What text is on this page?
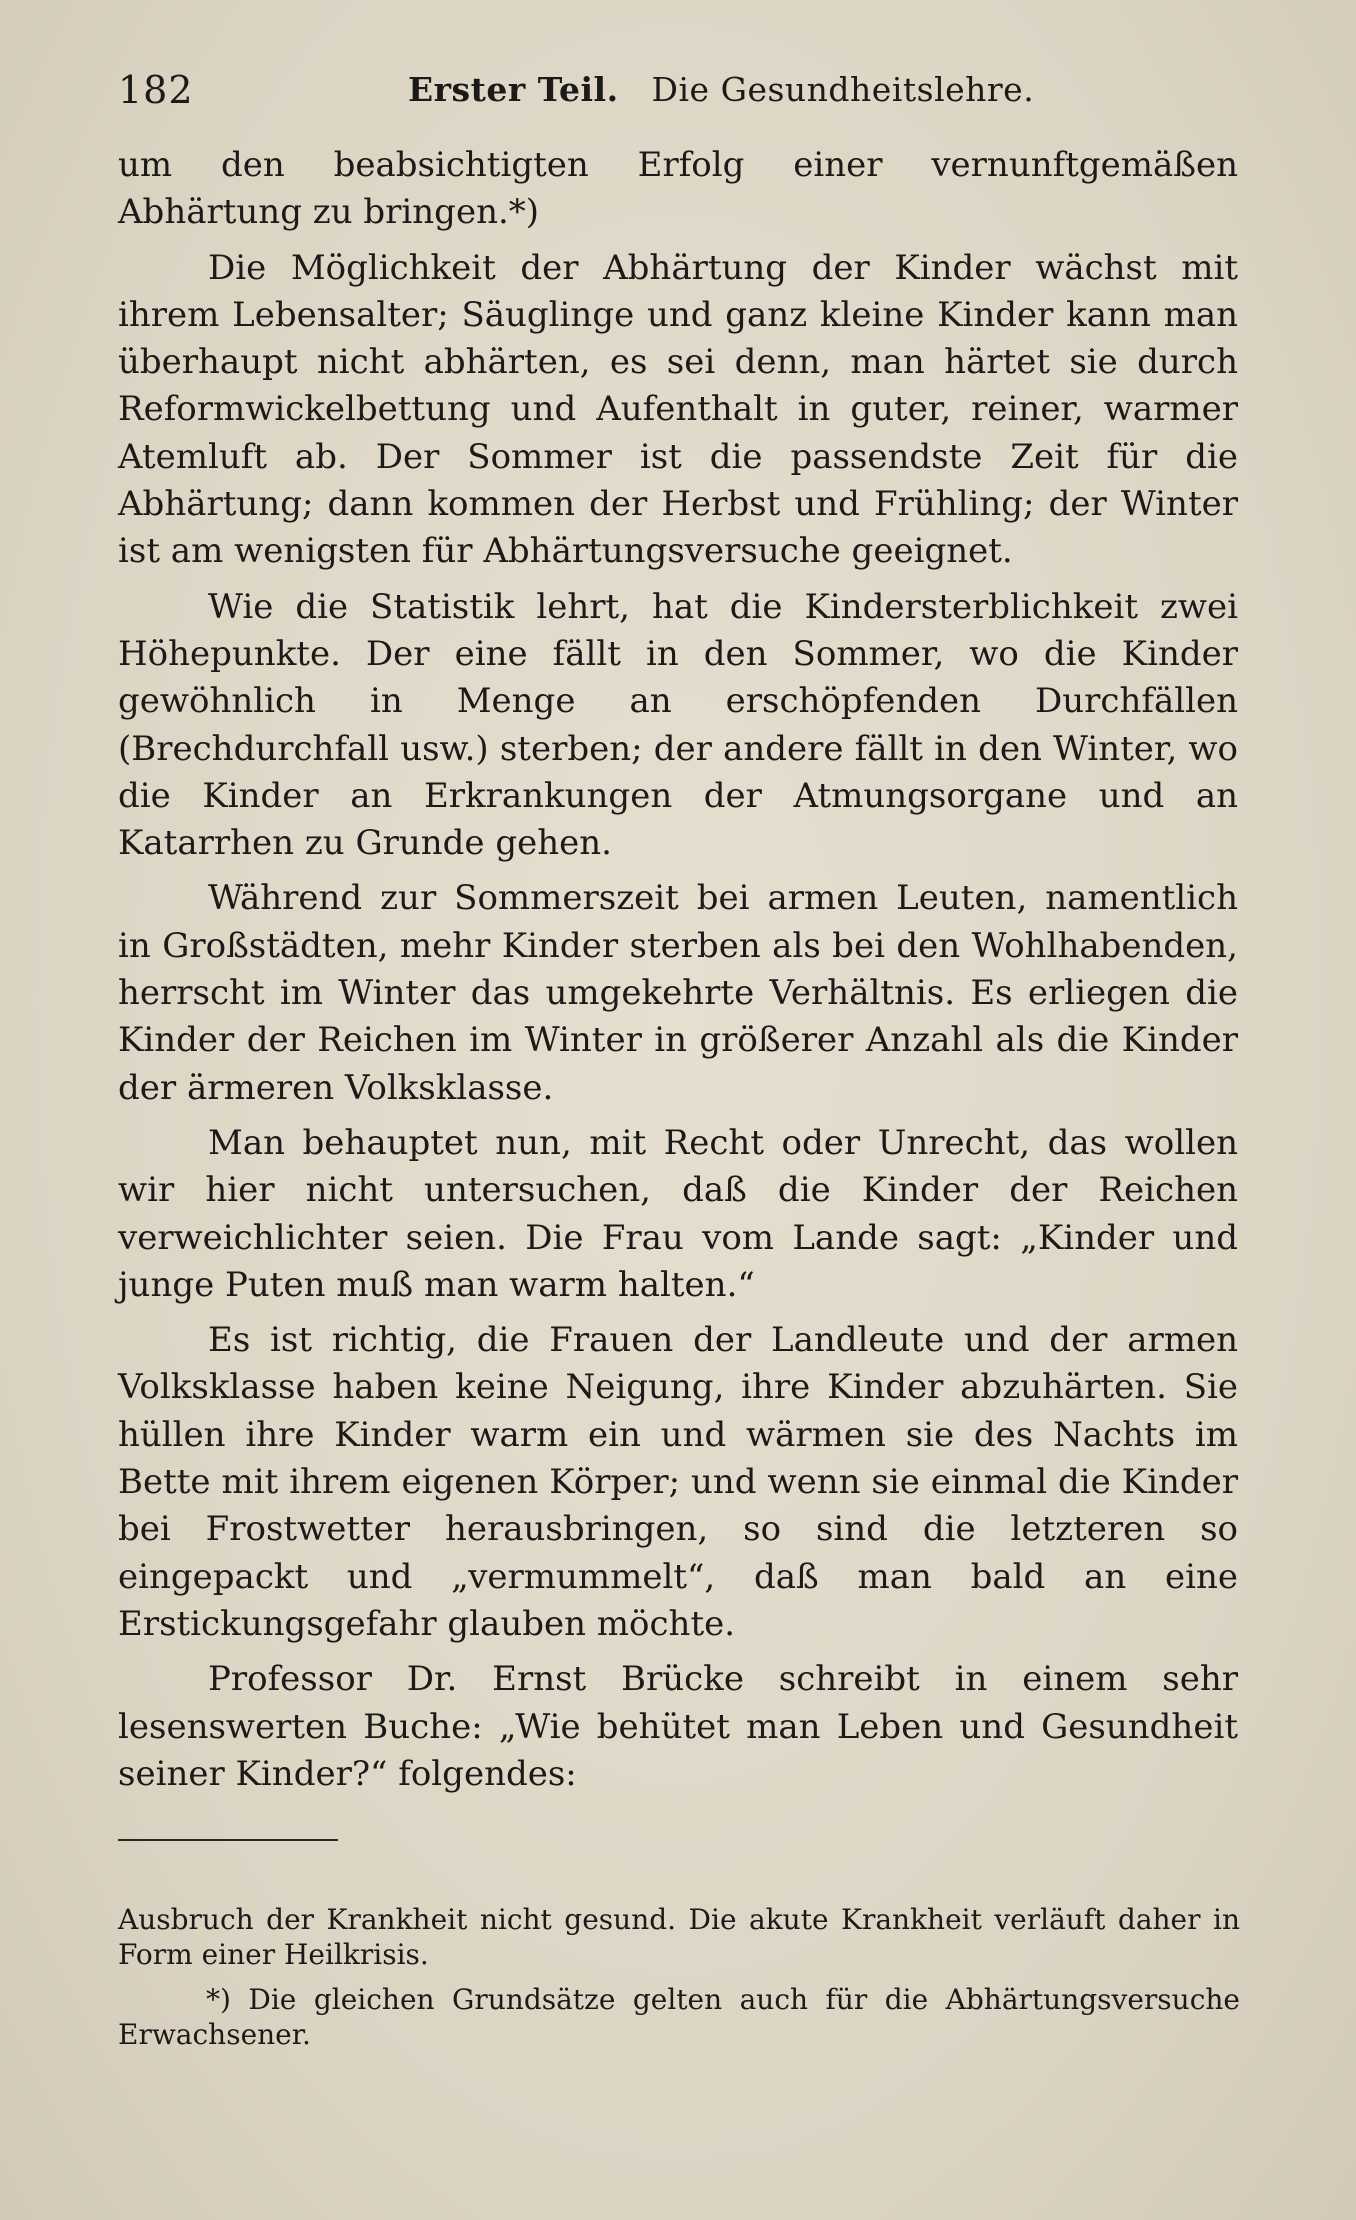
182	Erster Teil. Die Gesundheitslehre.

um den beabsichtigten Erfolg einer vernunftgemäßen Abhärtung zu bringen.*)

Die Möglichkeit der Abhärtung der Kinder wächst mit ihrem Lebensalter; Säuglinge und ganz kleine Kinder kann man überhaupt nicht abhärten, es sei denn, man härtet sie durch Reformwickelbettung und Aufenthalt in guter, reiner, warmer Atemluft ab. Der Sommer ist die passendste Zeit für die Abhärtung; dann kommen der Herbst und Frühling; der Winter ist am wenigsten für Abhärtungsversuche geeignet.

Wie die Statistik lehrt, hat die Kindersterblichkeit zwei Höhepunkte. Der eine fällt in den Sommer, wo die Kinder gewöhnlich in Menge an erschöpfenden Durchfällen (Brechdurchfall usw.) sterben; der andere fällt in den Winter, wo die Kinder an Erkrankungen der Atmungsorgane und an Katarrhen zu Grunde gehen.

Während zur Sommerszeit bei armen Leuten, namentlich in Großstädten, mehr Kinder sterben als bei den Wohlhabenden, herrscht im Winter das umgekehrte Verhältnis. Es erliegen die Kinder der Reichen im Winter in größerer Anzahl als die Kinder der ärmeren Volksklasse.

Man behauptet nun, mit Recht oder Unrecht, das wollen wir hier nicht untersuchen, daß die Kinder der Reichen verweichlichter seien. Die Frau vom Lande sagt: „Kinder und junge Puten muß man warm halten.“

Es ist richtig, die Frauen der Landleute und der armen Volksklasse haben keine Neigung, ihre Kinder abzuhärten. Sie hüllen ihre Kinder warm ein und wärmen sie des Nachts im Bette mit ihrem eigenen Körper; und wenn sie einmal die Kinder bei Frostwetter herausbringen, so sind die letzteren so eingepackt und „vermummelt“, daß man bald an eine Erstickungsgefahr glauben möchte.

Professor Dr. Ernst Brücke schreibt in einem sehr lesenswerten Buche: „Wie behütet man Leben und Gesundheit seiner Kinder?“ folgendes:

Ausbruch der Krankheit nicht gesund. Die akute Krankheit verläuft daher in Form einer Heilkrisis.

*) Die gleichen Grundsätze gelten auch für die Abhärtungsversuche Erwachsener.
